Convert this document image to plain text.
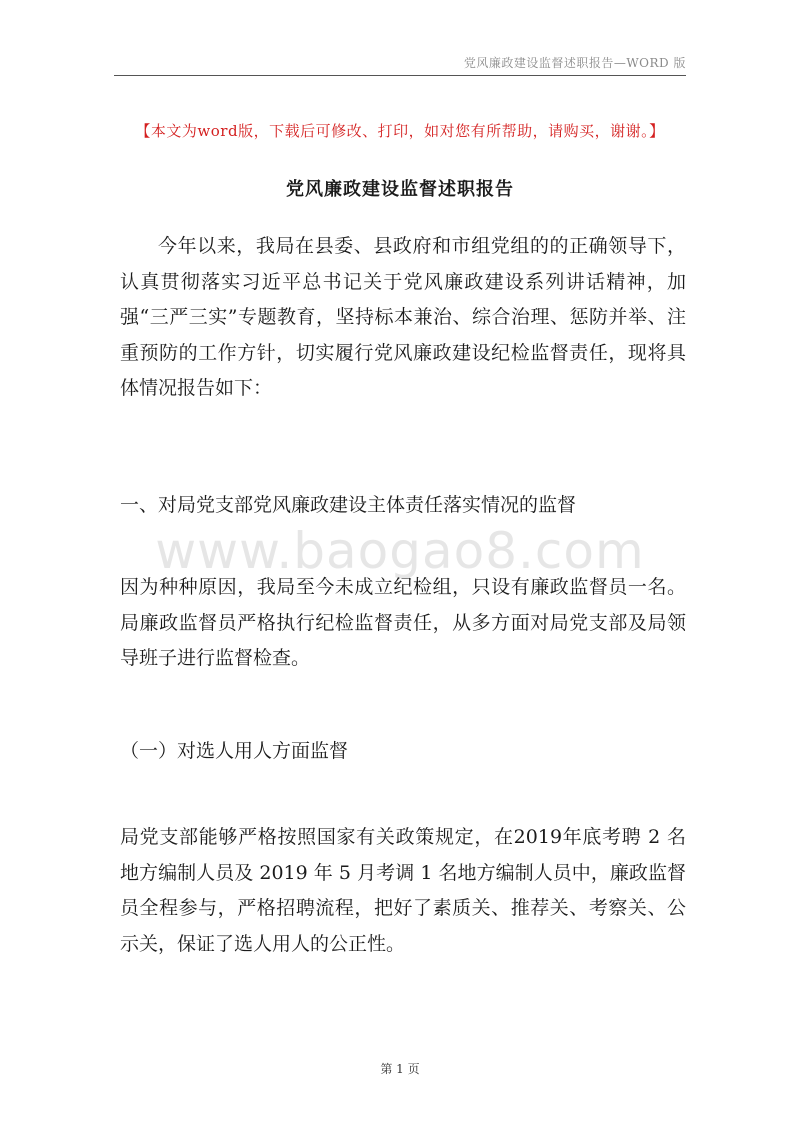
党风廉政建设监督述职报告—WORD 版
【本文为word版，下载后可修改、打印，如对您有所帮助，请购买，谢谢。】
党风廉政建设监督述职报告
今年以来，我局在县委、县政府和市组党组的的正确领导下，认真贯彻落实习近平总书记关于党风廉政建设系列讲话精神，加强“三严三实”专题教育，坚持标本兼治、综合治理、惩防并举、注重预防的工作方针，切实履行党风廉政建设纪检监督责任，现将具体情况报告如下：
一、对局党支部党风廉政建设主体责任落实情况的监督
www.baogao8.com
因为种种原因，我局至今未成立纪检组，只设有廉政监督员一名。局廉政监督员严格执行纪检监督责任，从多方面对局党支部及局领导班子进行监督检查。
（一）对选人用人方面监督
局党支部能够严格按照国家有关政策规定，在2019年底考聘 2 名地方编制人员及 2019 年 5 月考调 1 名地方编制人员中，廉政监督员全程参与，严格招聘流程，把好了素质关、推荐关、考察关、公示关，保证了选人用人的公正性。
第 1 页
